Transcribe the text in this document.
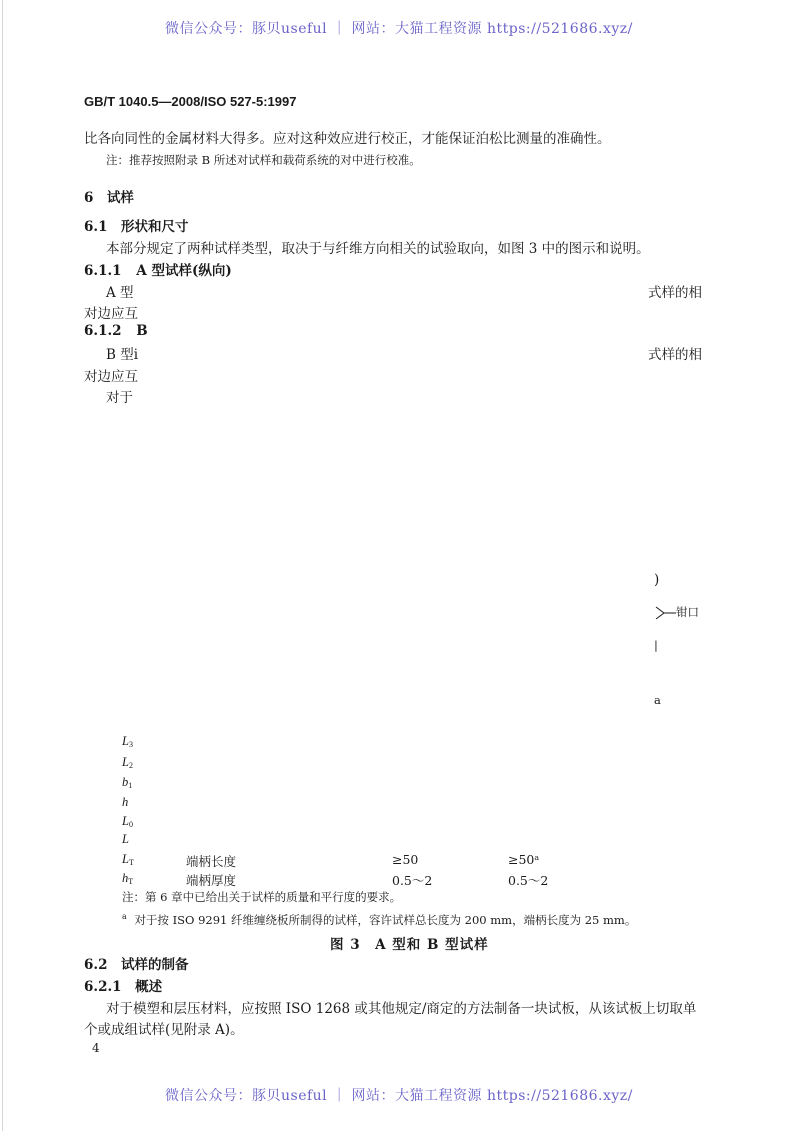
微信公众号：豚贝useful ｜ 网站：大猫工程资源 https://521686.xyz/
GB/T 1040.5—2008/ISO 527-5:1997
比各向同性的金属材料大得多。应对这种效应进行校正，才能保证泊松比测量的准确性。
注：推荐按照附录 B 所述对试样和载荷系统的对中进行校准。
6　试样
6.1　形状和尺寸
本部分规定了两种试样类型，取决于与纤维方向相关的试验取向，如图 3 中的图示和说明。
6.1.1 A 型试样(纵向)
A 型	式样的相
对边应互
6.1.2 B
B 型i	式样的相
对边应互
对于
)
钳口
|
a
$L_3$
$L_2$
$b_1$
h
$L_0$
L
$L_T$	端柄长度	≥50	≥50ᵃ
$h_T$	端柄厚度	0.5～2	0.5～2
注：第 6 章中已给出关于试样的质量和平行度的要求。
$^a$ 对于按 ISO 9291 纤维缠绕板所制得的试样，容许试样总长度为 200 mm，端柄长度为 25 mm。
图 3　A 型和 B 型试样
6.2　试样的制备
6.2.1　概述
对于模塑和层压材料，应按照 ISO 1268 或其他规定/商定的方法制备一块试板，从该试板上切取单
个或成组试样(见附录 A)。
4
微信公众号：豚贝useful ｜ 网站：大猫工程资源 https://521686.xyz/
